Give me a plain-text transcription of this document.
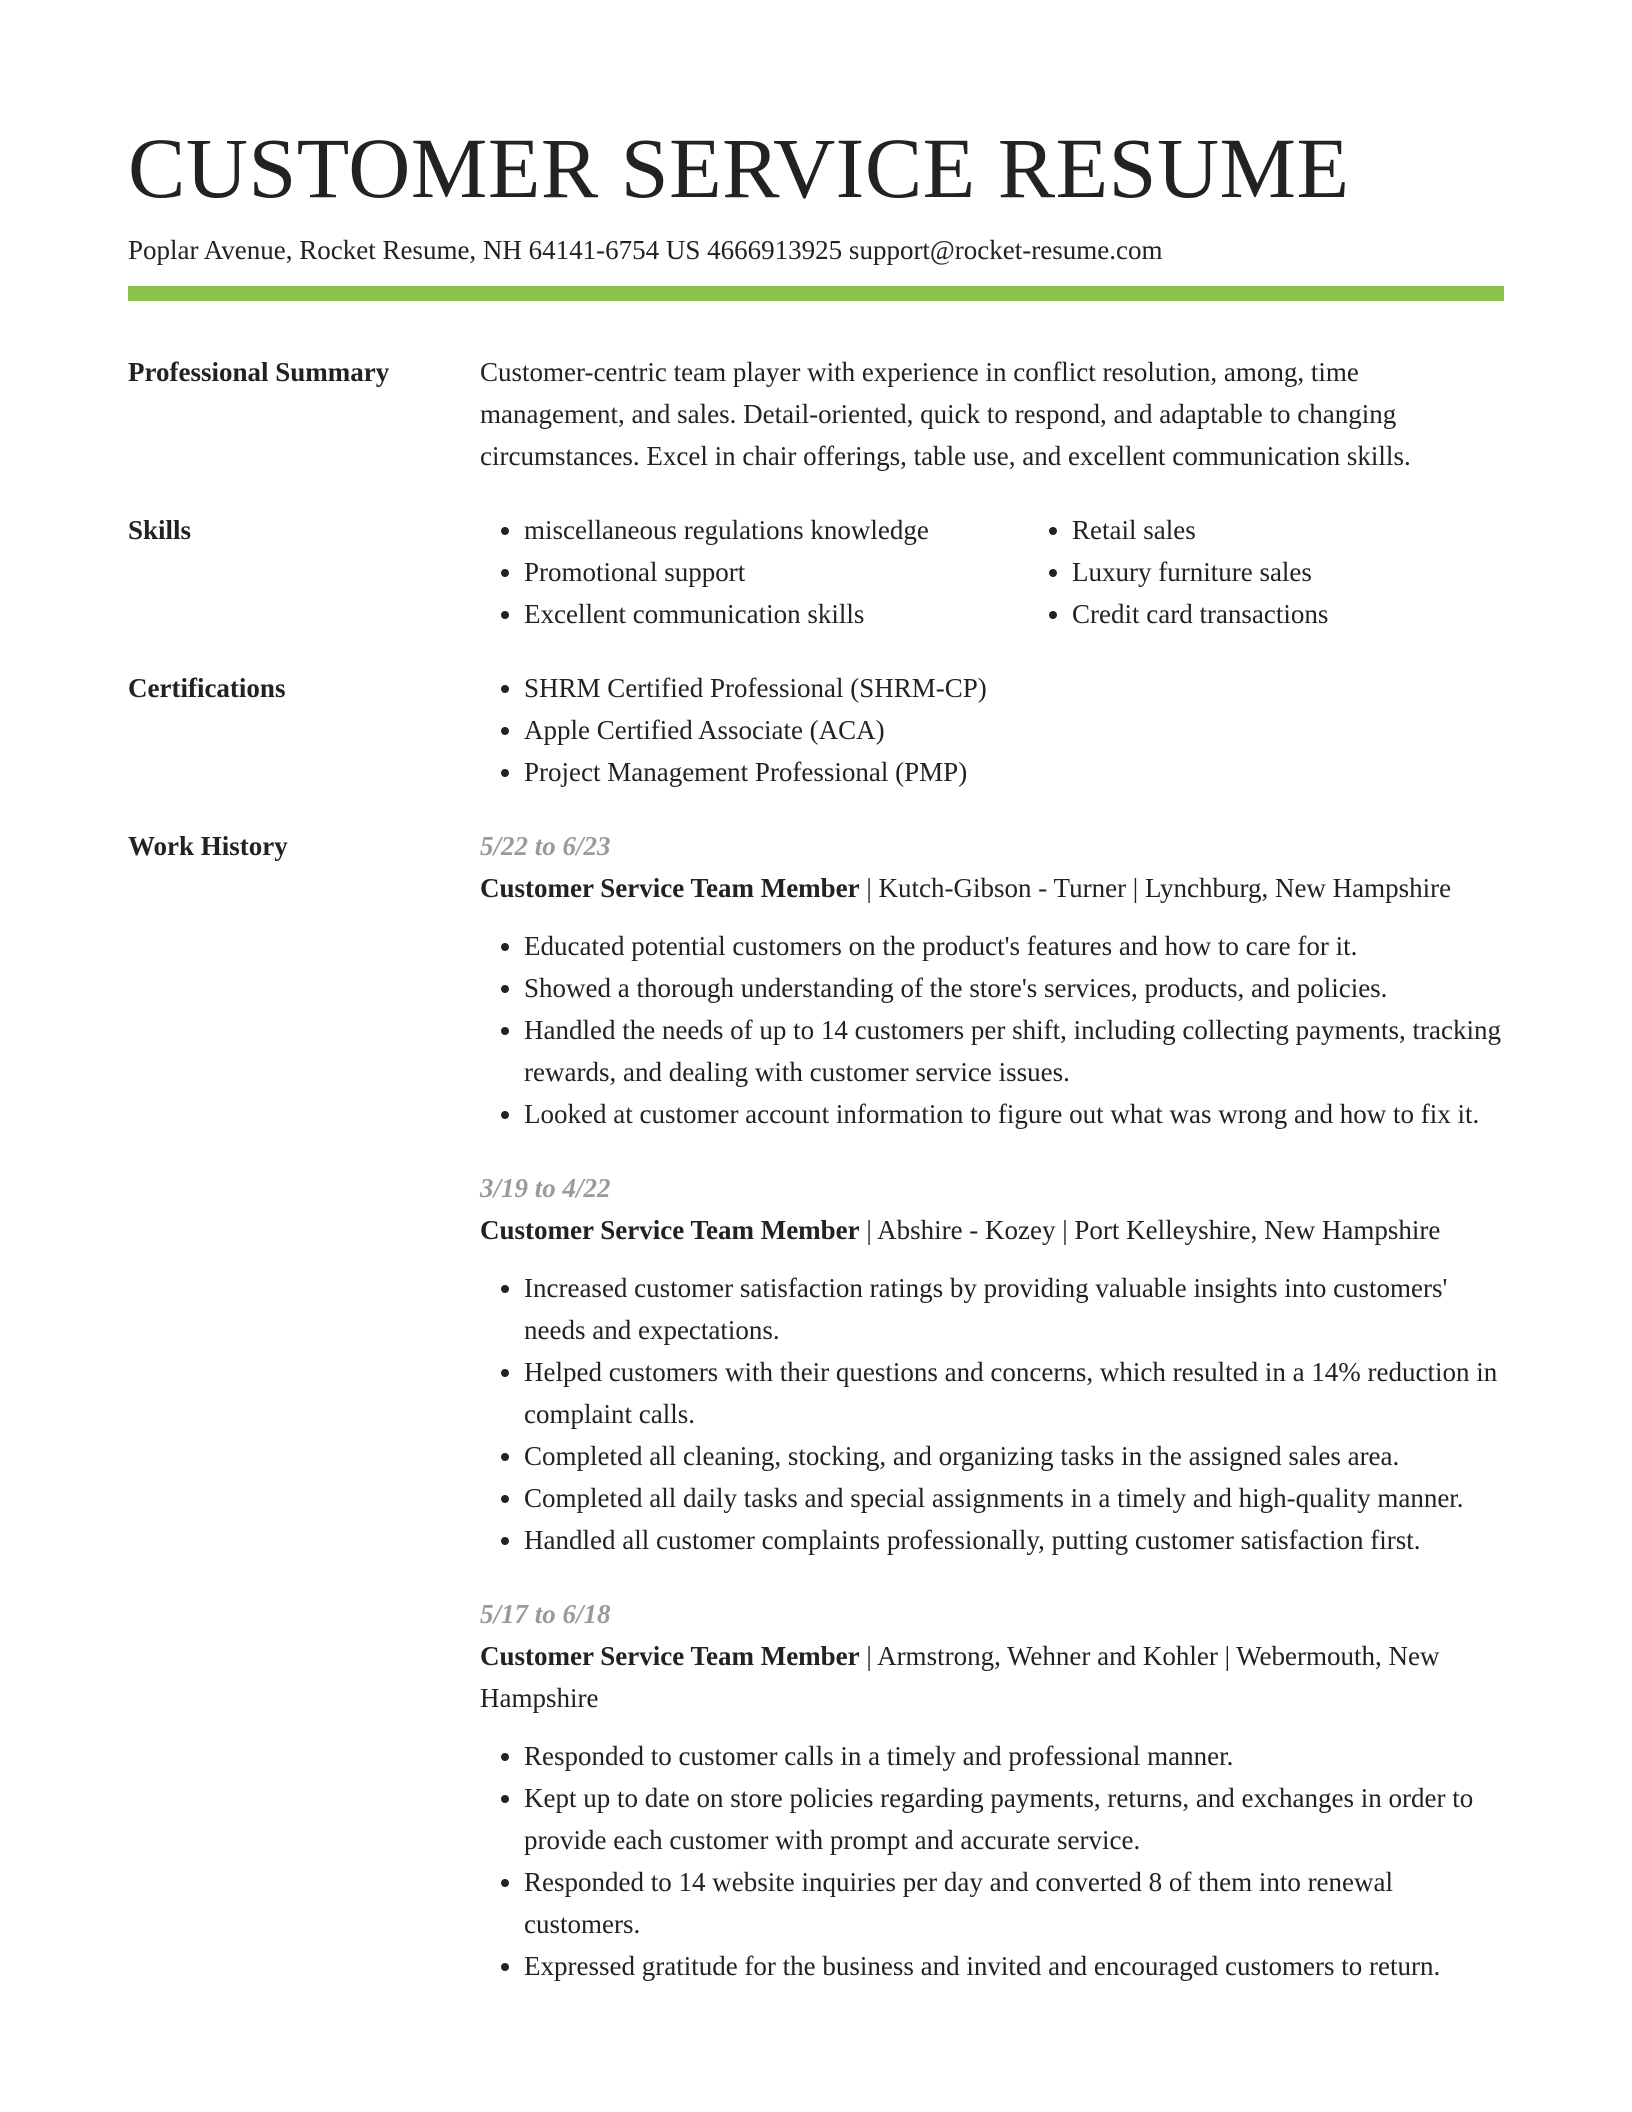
CUSTOMER SERVICE RESUME
Poplar Avenue, Rocket Resume, NH 64141-6754 US 4666913925 support@rocket-resume.com
Professional Summary	Customer-centric team player with experience in conflict resolution, among, time management, and sales. Detail-oriented, quick to respond, and adaptable to changing circumstances. Excel in chair offerings, table use, and excellent communication skills.

Skills	• miscellaneous regulations knowledge
• Promotional support
• Excellent communication skills
• Retail sales
• Luxury furniture sales
• Credit card transactions
Certifications	• SHRM Certified Professional (SHRM-CP)
• Apple Certified Associate (ACA)
• Project Management Professional (PMP)
Work History	5/22 to 6/23
Customer Service Team Member | Kutch-Gibson - Turner | Lynchburg, New Hampshire
• Educated potential customers on the product's features and how to care for it.
• Showed a thorough understanding of the store's services, products, and policies.
• Handled the needs of up to 14 customers per shift, including collecting payments, tracking rewards, and dealing with customer service issues.
• Looked at customer account information to figure out what was wrong and how to fix it.
3/19 to 4/22
Customer Service Team Member | Abshire - Kozey | Port Kelleyshire, New Hampshire
• Increased customer satisfaction ratings by providing valuable insights into customers' needs and expectations.
• Helped customers with their questions and concerns, which resulted in a 14% reduction in complaint calls.
• Completed all cleaning, stocking, and organizing tasks in the assigned sales area.
• Completed all daily tasks and special assignments in a timely and high-quality manner.
• Handled all customer complaints professionally, putting customer satisfaction first.
5/17 to 6/18
Customer Service Team Member | Armstrong, Wehner and Kohler | Webermouth, New Hampshire
• Responded to customer calls in a timely and professional manner.
• Kept up to date on store policies regarding payments, returns, and exchanges in order to provide each customer with prompt and accurate service.
• Responded to 14 website inquiries per day and converted 8 of them into renewal customers.
• Expressed gratitude for the business and invited and encouraged customers to return.
